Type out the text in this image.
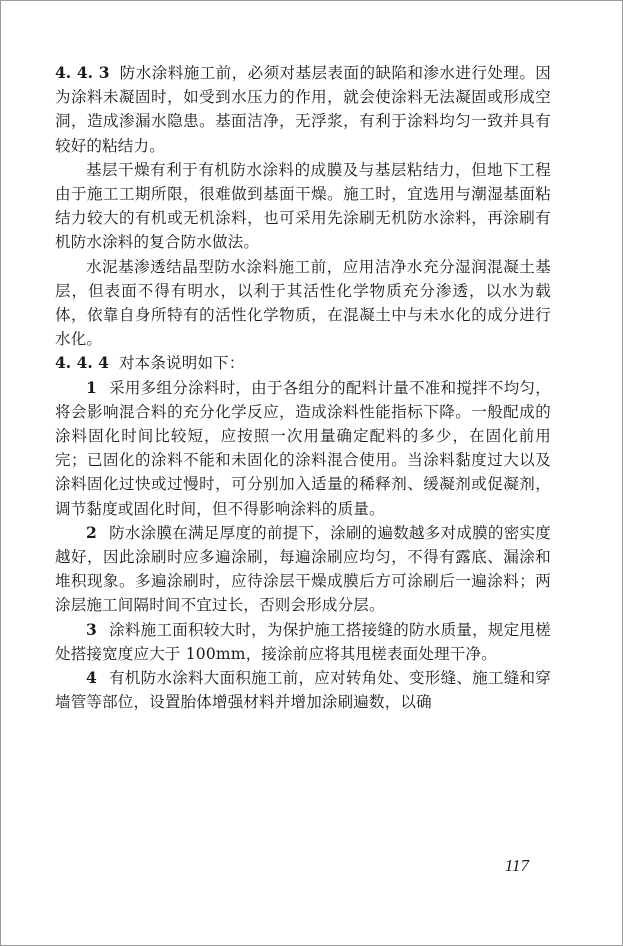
4. 4. 3 防水涂料施工前，必须对基层表面的缺陷和渗水进行处理。因为涂料未凝固时，如受到水压力的作用，就会使涂料无法凝固或形成空洞，造成渗漏水隐患。基面洁净，无浮浆，有利于涂料均匀一致并具有较好的粘结力。

基层干燥有利于有机防水涂料的成膜及与基层粘结力，但地下工程由于施工工期所限，很难做到基面干燥。施工时，宜选用与潮湿基面粘结力较大的有机或无机涂料，也可采用先涂刷无机防水涂料，再涂刷有机防水涂料的复合防水做法。

水泥基渗透结晶型防水涂料施工前，应用洁净水充分湿润混凝土基层，但表面不得有明水，以利于其活性化学物质充分渗透，以水为载体，依靠自身所特有的活性化学物质，在混凝土中与未水化的成分进行水化。

4. 4. 4 对本条说明如下：

1 采用多组分涂料时，由于各组分的配料计量不准和搅拌不均匀，将会影响混合料的充分化学反应，造成涂料性能指标下降。一般配成的涂料固化时间比较短，应按照一次用量确定配料的多少，在固化前用完；已固化的涂料不能和未固化的涂料混合使用。当涂料黏度过大以及涂料固化过快或过慢时，可分别加入适量的稀释剂、缓凝剂或促凝剂，调节黏度或固化时间，但不得影响涂料的质量。

2 防水涂膜在满足厚度的前提下，涂刷的遍数越多对成膜的密实度越好，因此涂刷时应多遍涂刷，每遍涂刷应均匀，不得有露底、漏涂和堆积现象。多遍涂刷时，应待涂层干燥成膜后方可涂刷后一遍涂料；两涂层施工间隔时间不宜过长，否则会形成分层。

3 涂料施工面积较大时，为保护施工搭接缝的防水质量，规定甩槎处搭接宽度应大于 100mm，接涂前应将其甩槎表面处理干净。

4 有机防水涂料大面积施工前，应对转角处、变形缝、施工缝和穿墙管等部位，设置胎体增强材料并增加涂刷遍数，以确

117
